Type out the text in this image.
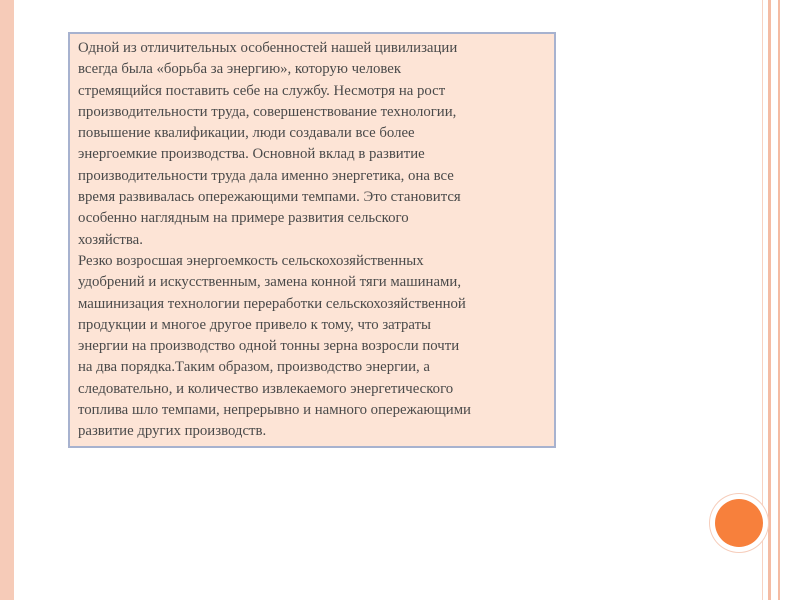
Одной из отличительных особенностей нашей цивилизации
всегда была «борьба за энергию», которую человек
стремящийся поставить себе на службу. Несмотря на рост
производительности труда, совершенствование технологии,
повышение квалификации, люди создавали все более
энергоемкие производства. Основной вклад в развитие
производительности труда дала именно энергетика, она все
время развивалась опережающими темпами. Это становится
особенно наглядным на примере развития сельского
хозяйства.

Резко возросшая энергоемкость сельскохозяйственных
удобрений и искусственным, замена конной тяги машинами,
машинизация технологии переработки сельскохозяйственной
продукции и многое другое привело к тому, что затраты
энергии на производство одной тонны зерна возросли почти
на два порядка.Таким образом, производство энергии, а
следовательно, и количество извлекаемого энергетического
топлива шло темпами, непрерывно и намного опережающими
развитие других производств.
